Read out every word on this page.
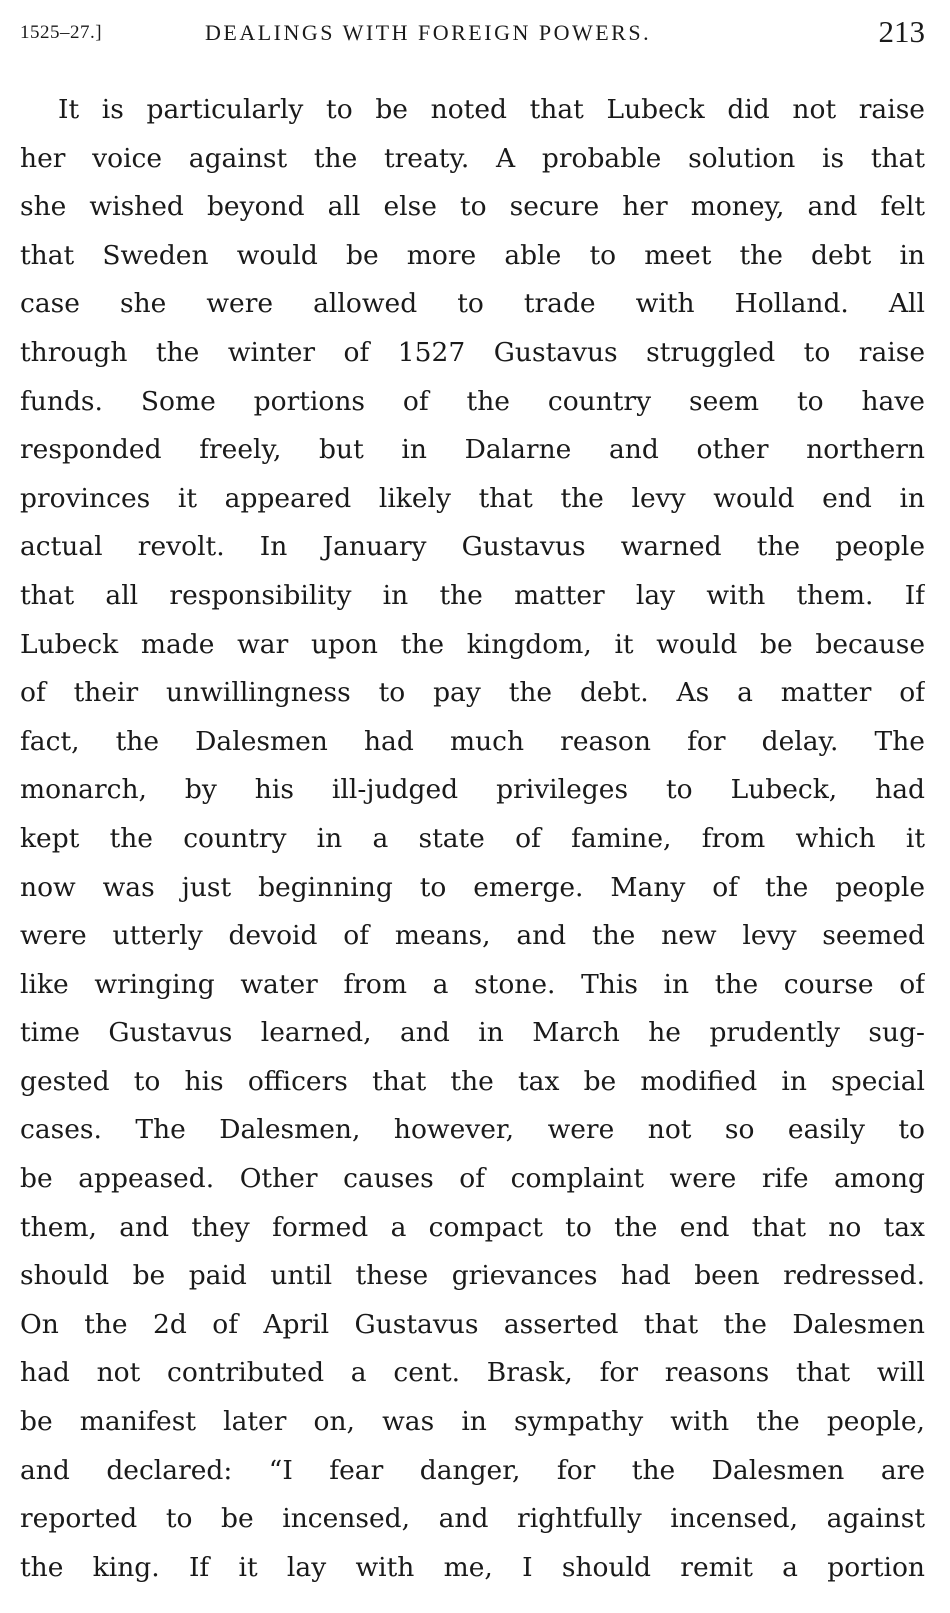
1525–27.]	DEALINGS WITH FOREIGN POWERS.	213
It is particularly to be noted that Lubeck did not raise
her voice against the treaty. A probable solution is that
she wished beyond all else to secure her money, and felt
that Sweden would be more able to meet the debt in
case she were allowed to trade with Holland. All
through the winter of 1527 Gustavus struggled to raise
funds. Some portions of the country seem to have
responded freely, but in Dalarne and other northern
provinces it appeared likely that the levy would end in
actual revolt. In January Gustavus warned the people
that all responsibility in the matter lay with them. If
Lubeck made war upon the kingdom, it would be because
of their unwillingness to pay the debt. As a matter of
fact, the Dalesmen had much reason for delay. The
monarch, by his ill-judged privileges to Lubeck, had
kept the country in a state of famine, from which it
now was just beginning to emerge. Many of the people
were utterly devoid of means, and the new levy seemed
like wringing water from a stone. This in the course of
time Gustavus learned, and in March he prudently sug-
gested to his officers that the tax be modified in special
cases. The Dalesmen, however, were not so easily to
be appeased. Other causes of complaint were rife among
them, and they formed a compact to the end that no tax
should be paid until these grievances had been redressed.
On the 2d of April Gustavus asserted that the Dalesmen
had not contributed a cent. Brask, for reasons that will
be manifest later on, was in sympathy with the people,
and declared: “I fear danger, for the Dalesmen are
reported to be incensed, and rightfully incensed, against
the king. If it lay with me, I should remit a portion
